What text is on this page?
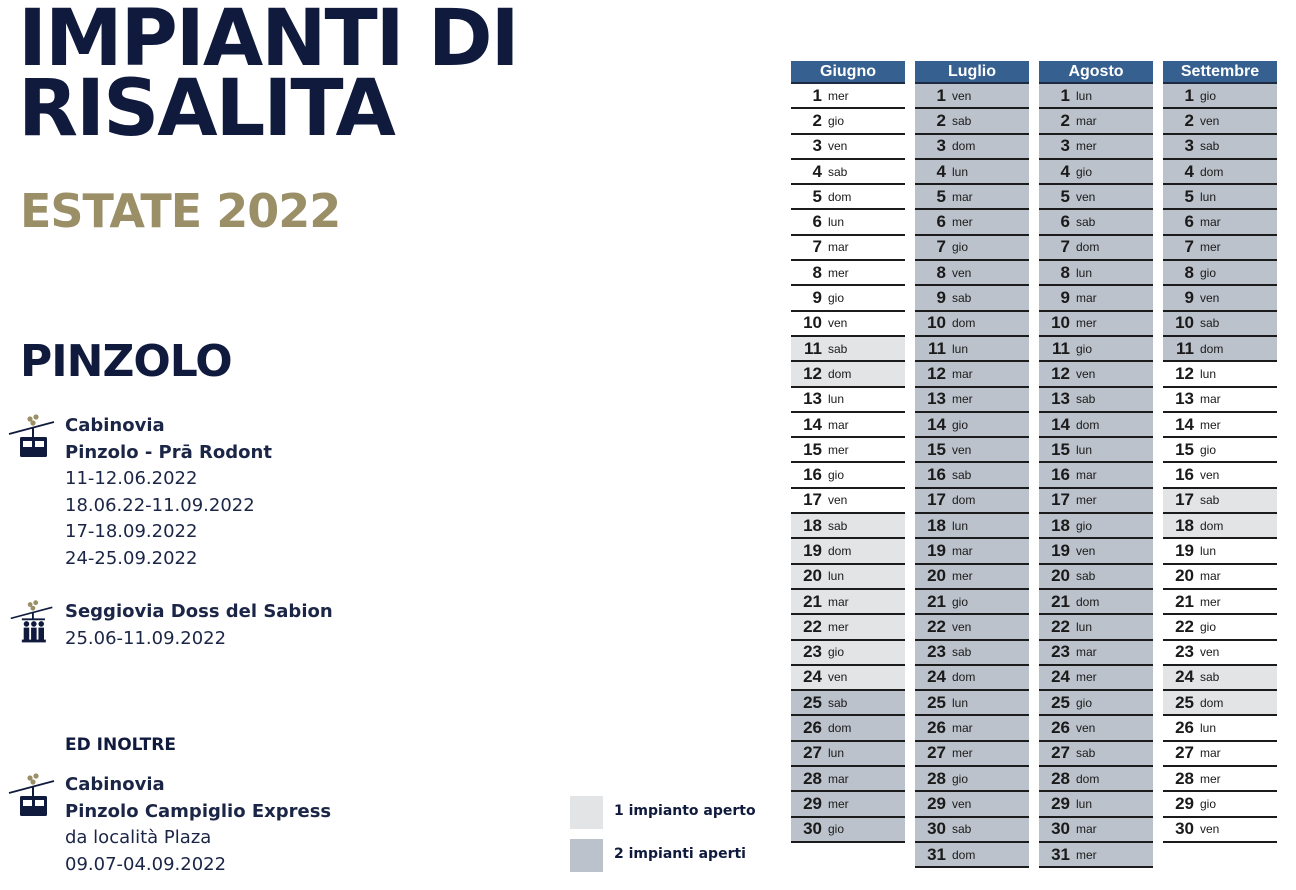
IMPIANTI DI
RISALITA
ESTATE 2022
PINZOLO
Cabinovia
Pinzolo - Prā Rodont
11-12.06.2022
18.06.22-11.09.2022
17-18.09.2022
24-25.09.2022
Seggiovia Doss del Sabion
25.06-11.09.2022
ED INOLTRE
Cabinovia
Pinzolo Campiglio Express
da località Plaza
09.07-04.09.2022
1 impianto aperto
2 impianti aperti
Giugno
1 mer
2 gio
3 ven
4 sab
5 dom
6 lun
7 mar
8 mer
9 gio
10 ven
11 sab
12 dom
13 lun
14 mar
15 mer
16 gio
17 ven
18 sab
19 dom
20 lun
21 mar
22 mer
23 gio
24 ven
25 sab
26 dom
27 lun
28 mar
29 mer
30 gio
Luglio
1 ven
2 sab
3 dom
4 lun
5 mar
6 mer
7 gio
8 ven
9 sab
10 dom
11 lun
12 mar
13 mer
14 gio
15 ven
16 sab
17 dom
18 lun
19 mar
20 mer
21 gio
22 ven
23 sab
24 dom
25 lun
26 mar
27 mer
28 gio
29 ven
30 sab
31 dom
Agosto
1 lun
2 mar
3 mer
4 gio
5 ven
6 sab
7 dom
8 lun
9 mar
10 mer
11 gio
12 ven
13 sab
14 dom
15 lun
16 mar
17 mer
18 gio
19 ven
20 sab
21 dom
22 lun
23 mar
24 mer
25 gio
26 ven
27 sab
28 dom
29 lun
30 mar
31 mer
Settembre
1 gio
2 ven
3 sab
4 dom
5 lun
6 mar
7 mer
8 gio
9 ven
10 sab
11 dom
12 lun
13 mar
14 mer
15 gio
16 ven
17 sab
18 dom
19 lun
20 mar
21 mer
22 gio
23 ven
24 sab
25 dom
26 lun
27 mar
28 mer
29 gio
30 ven
